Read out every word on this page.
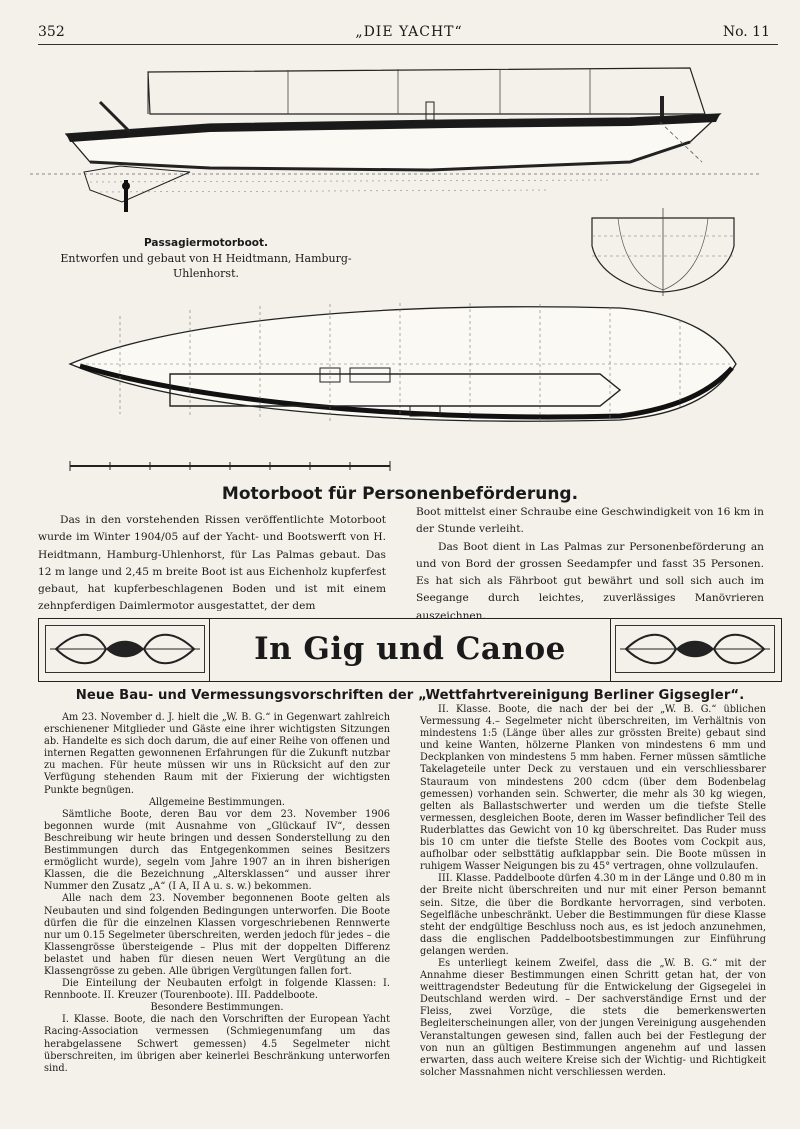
352	„DIE YACHT“	No. 11
Passagiermotorboot.
Entworfen und gebaut von H Heidtmann, Hamburg-Uhlenhorst.
Motorboot für Personenbeförderung.

Das in den vorstehenden Rissen veröffentlichte Motorboot wurde im Winter 1904/05 auf der Yacht- und Bootswerft von H. Heidtmann, Hamburg-Uhlenhorst, für Las Palmas gebaut. Das 12 m lange und 2,45 m breite Boot ist aus Eichenholz kupferfest gebaut, hat kupferbeschlagenen Boden und ist mit einem zehnpferdigen Daimlermotor ausgestattet, der dem

Boot mittelst einer Schraube eine Geschwindigkeit von 16 km in der Stunde verleiht.

Das Boot dient in Las Palmas zur Personenbeförderung an und von Bord der grossen Seedampfer und fasst 35 Personen. Es hat sich als Fährboot gut bewährt und soll sich auch im Seegange durch leichtes, zuverlässiges Manövrieren auszeichnen.

In Gig und Canoe
Neue Bau- und Vermessungsvorschriften der „Wettfahrtvereinigung Berliner Gigsegler“.

Am 23. November d. J. hielt die „W. B. G.“ in Gegenwart zahlreich erschienener Mitglieder und Gäste eine ihrer wichtigsten Sitzungen ab. Handelte es sich doch darum, die auf einer Reihe von offenen und internen Regatten gewonnenen Erfahrungen für die Zukunft nutzbar zu machen. Für heute müssen wir uns in Rücksicht auf den zur Verfügung stehenden Raum mit der Fixierung der wichtigsten Punkte begnügen.

Allgemeine Bestimmungen.

Sämtliche Boote, deren Bau vor dem 23. November 1906 begonnen wurde (mit Ausnahme von „Glückauf IV“, dessen Beschreibung wir heute bringen und dessen Sonderstellung zu den Bestimmungen durch das Entgegenkommen seines Besitzers ermöglicht wurde), segeln vom Jahre 1907 an in ihren bisherigen Klassen, die die Bezeichnung „Altersklassen“ und ausser ihrer Nummer den Zusatz „A“ (I A, II A u. s. w.) bekommen.

Alle nach dem 23. November begonnenen Boote gelten als Neubauten und sind folgenden Bedingungen unterworfen. Die Boote dürfen die für die einzelnen Klassen vorgeschriebenen Rennwerte nur um 0.15 Segelmeter überschreiten, werden jedoch für jedes – die Klassengrösse übersteigende – Plus mit der doppelten Differenz belastet und haben für diesen neuen Wert Vergütung an die Klassengrösse zu geben. Alle übrigen Vergütungen fallen fort.

Die Einteilung der Neubauten erfolgt in folgende Klassen: I. Rennboote. II. Kreuzer (Tourenboote). III. Paddelboote.

Besondere Bestimmungen.

I. Klasse. Boote, die nach den Vorschriften der European Yacht Racing-Association vermessen (Schmiegenumfang um das herabgelassene Schwert gemessen) 4.5 Segelmeter nicht überschreiten, im übrigen aber keinerlei Beschränkung unterworfen sind.

II. Klasse. Boote, die nach der bei der „W. B. G.“ üblichen Vermessung 4.– Segelmeter nicht überschreiten, im Verhältnis von mindestens 1:5 (Länge über alles zur grössten Breite) gebaut sind und keine Wanten, hölzerne Planken von mindestens 6 mm und Deckplanken von mindestens 5 mm haben. Ferner müssen sämtliche Takelageteile unter Deck zu verstauen und ein verschliessbarer Stauraum von mindestens 200 cdcm (über dem Bodenbelag gemessen) vorhanden sein. Schwerter, die mehr als 30 kg wiegen, gelten als Ballastschwerter und werden um die tiefste Stelle vermessen, desgleichen Boote, deren im Wasser befindlicher Teil des Ruderblattes das Gewicht von 10 kg überschreitet. Das Ruder muss bis 10 cm unter die tiefste Stelle des Bootes vom Cockpit aus, aufholbar oder selbsttätig aufklappbar sein. Die Boote müssen in ruhigem Wasser Neigungen bis zu 45° vertragen, ohne vollzulaufen.

III. Klasse. Paddelboote dürfen 4.30 m in der Länge und 0.80 m in der Breite nicht überschreiten und nur mit einer Person bemannt sein. Sitze, die über die Bordkante hervorragen, sind verboten. Segelfläche unbeschränkt. Ueber die Bestimmungen für diese Klasse steht der endgültige Beschluss noch aus, es ist jedoch anzunehmen, dass die englischen Paddelbootsbestimmungen zur Einführung gelangen werden.

Es unterliegt keinem Zweifel, dass die „W. B. G.“ mit der Annahme dieser Bestimmungen einen Schritt getan hat, der von weittragendster Bedeutung für die Entwickelung der Gigsegelei in Deutschland werden wird. – Der sachverständige Ernst und der Fleiss, zwei Vorzüge, die stets die bemerkenswerten Begleiterscheinungen aller, von der jungen Vereinigung ausgehenden Veranstaltungen gewesen sind, fallen auch bei der Festlegung der von nun an gültigen Bestimmungen angenehm auf und lassen erwarten, dass auch weitere Kreise sich der Wichtig- und Richtigkeit solcher Massnahmen nicht verschliessen werden.
